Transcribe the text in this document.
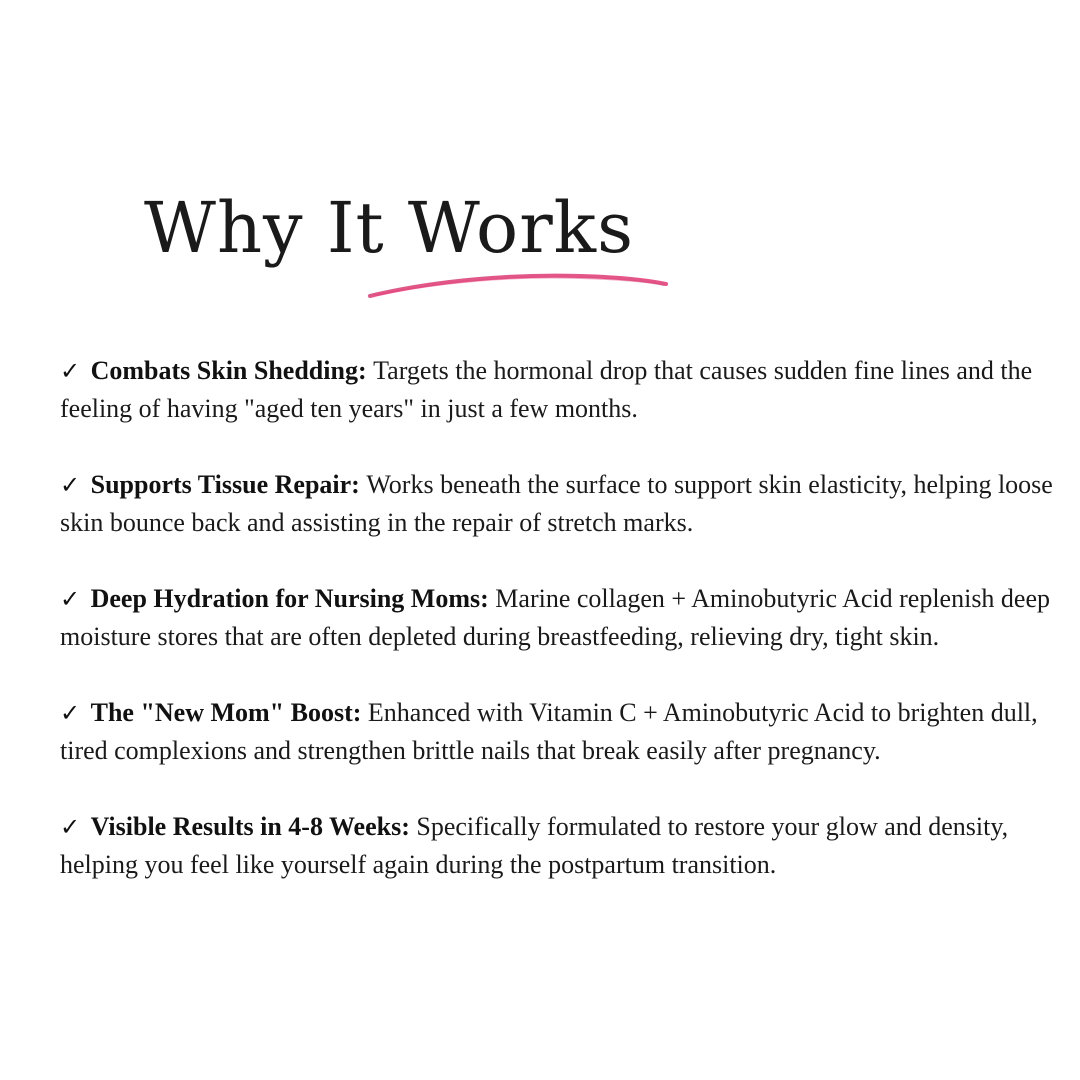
Why It Works
✓ Combats Skin Shedding: Targets the hormonal drop that causes sudden fine lines and the feeling of having "aged ten years" in just a few months.
✓ Supports Tissue Repair: Works beneath the surface to support skin elasticity, helping loose skin bounce back and assisting in the repair of stretch marks.
✓ Deep Hydration for Nursing Moms: Marine collagen + Aminobutyric Acid replenish deep moisture stores that are often depleted during breastfeeding, relieving dry, tight skin.
✓ The "New Mom" Boost: Enhanced with Vitamin C + Aminobutyric Acid to brighten dull, tired complexions and strengthen brittle nails that break easily after pregnancy.
✓ Visible Results in 4-8 Weeks: Specifically formulated to restore your glow and density, helping you feel like yourself again during the postpartum transition.
